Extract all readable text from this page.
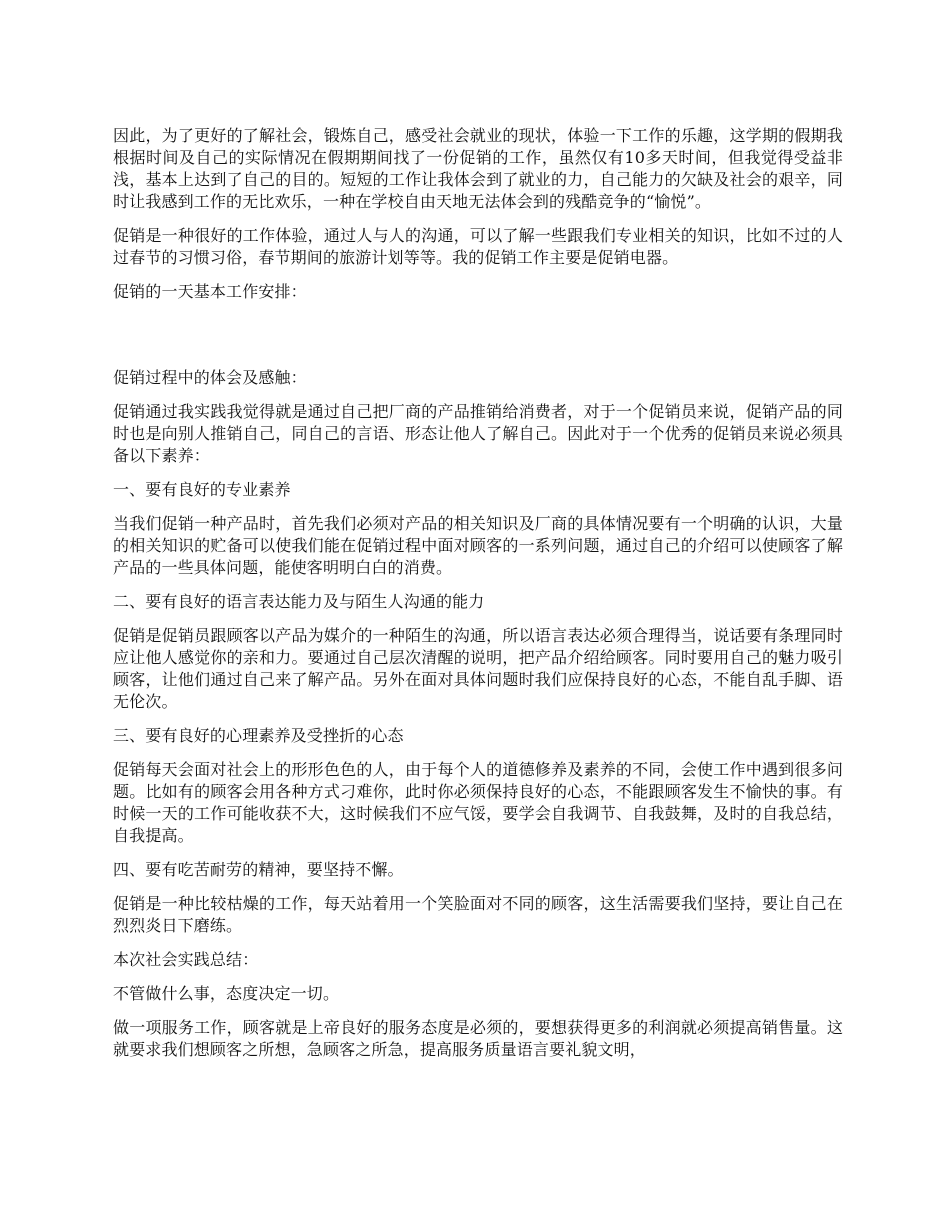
因此，为了更好的了解社会，锻炼自己，感受社会就业的现状，体验一下工作的乐趣，这学期的假期我根据时间及自己的实际情况在假期期间找了一份促销的工作，虽然仅有10多天时间，但我觉得受益非浅，基本上达到了自己的目的。短短的工作让我体会到了就业的力，自己能力的欠缺及社会的艰辛，同时让我感到工作的无比欢乐，一种在学校自由天地无法体会到的残酷竞争的“愉悦”。

促销是一种很好的工作体验，通过人与人的沟通，可以了解一些跟我们专业相关的知识，比如不过的人过春节的习惯习俗，春节期间的旅游计划等等。我的促销工作主要是促销电器。

促销的一天基本工作安排：

促销过程中的体会及感触：

促销通过我实践我觉得就是通过自己把厂商的产品推销给消费者，对于一个促销员来说，促销产品的同时也是向别人推销自己，同自己的言语、形态让他人了解自己。因此对于一个优秀的促销员来说必须具备以下素养：

一、要有良好的专业素养

当我们促销一种产品时，首先我们必须对产品的相关知识及厂商的具体情况要有一个明确的认识，大量的相关知识的贮备可以使我们能在促销过程中面对顾客的一系列问题，通过自己的介绍可以使顾客了解产品的一些具体问题，能使客明明白白的消费。

二、要有良好的语言表达能力及与陌生人沟通的能力

促销是促销员跟顾客以产品为媒介的一种陌生的沟通，所以语言表达必须合理得当，说话要有条理同时应让他人感觉你的亲和力。要通过自己层次清醒的说明，把产品介绍给顾客。同时要用自己的魅力吸引顾客，让他们通过自己来了解产品。另外在面对具体问题时我们应保持良好的心态，不能自乱手脚、语无伦次。

三、要有良好的心理素养及受挫折的心态

促销每天会面对社会上的形形色色的人，由于每个人的道德修养及素养的不同，会使工作中遇到很多问题。比如有的顾客会用各种方式刁难你，此时你必须保持良好的心态，不能跟顾客发生不愉快的事。有时候一天的工作可能收获不大，这时候我们不应气馁，要学会自我调节、自我鼓舞，及时的自我总结，自我提高。

四、要有吃苦耐劳的精神，要坚持不懈。

促销是一种比较枯燥的工作，每天站着用一个笑脸面对不同的顾客，这生活需要我们坚持，要让自己在烈烈炎日下磨练。

本次社会实践总结：

不管做什么事，态度决定一切。

做一项服务工作，顾客就是上帝良好的服务态度是必须的，要想获得更多的利润就必须提高销售量。这就要求我们想顾客之所想，急顾客之所急，提高服务质量语言要礼貌文明，
